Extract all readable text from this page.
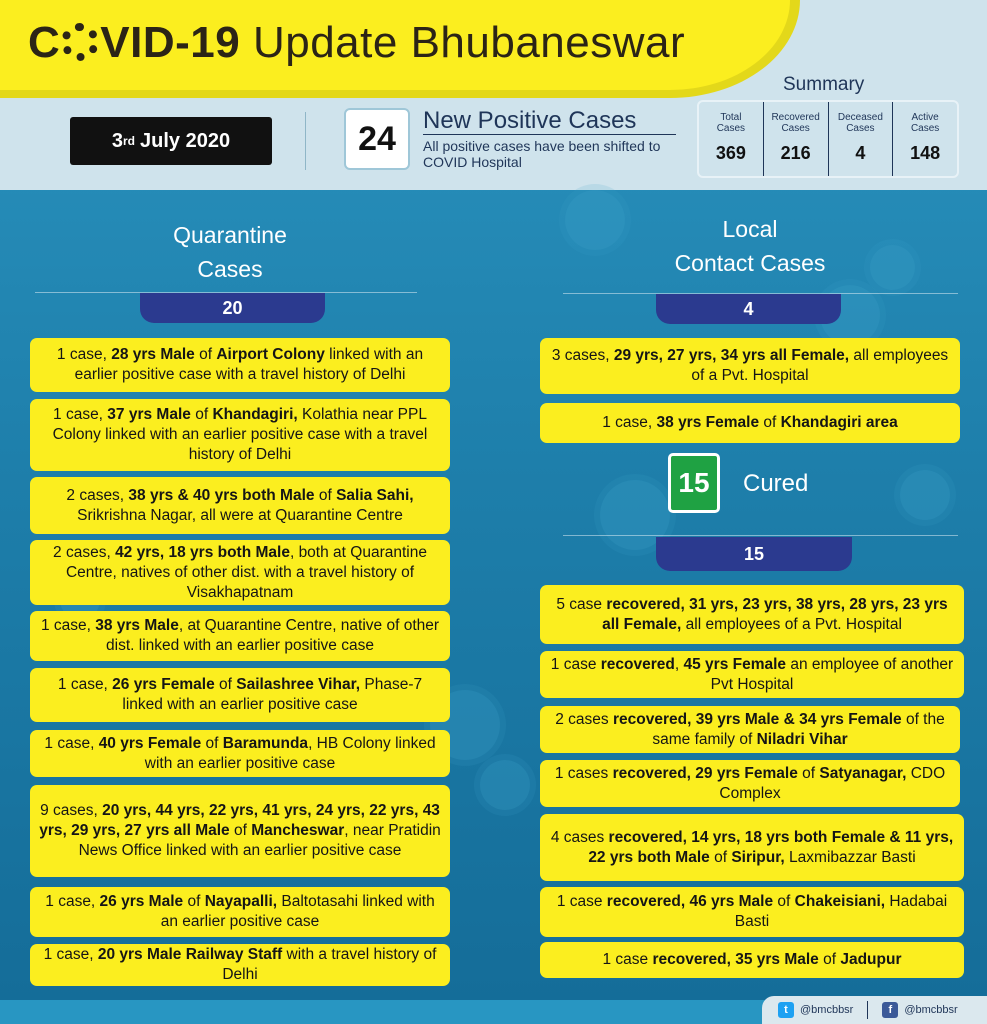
C VID-19 Update Bhubaneswar
3 rd July 2020	24	New Positive Cases
All positive cases have been shifted to COVID Hospital
Summary
Total
Cases
369
Recovered
Cases
216
Deceased
Cases
4
Active
Cases
148
Quarantine
Cases
20
1 case, 28 yrs Male of Airport Colony linked with an earlier positive case with a travel history of Delhi
1 case, 37 yrs Male of Khandagiri, Kolathia near PPL Colony linked with an earlier positive case with a travel history of Delhi
2 cases, 38 yrs & 40 yrs both Male of Salia Sahi, Srikrishna Nagar, all were at Quarantine Centre
2 cases, 42 yrs, 18 yrs both Male, both at Quarantine Centre, natives of other dist. with a travel history of Visakhapatnam
1 case, 38 yrs Male, at Quarantine Centre, native of other dist. linked with an earlier positive case
1 case, 26 yrs Female of Sailashree Vihar, Phase-7 linked with an earlier positive case
1 case, 40 yrs Female of Baramunda, HB Colony linked with an earlier positive case
9 cases, 20 yrs, 44 yrs, 22 yrs, 41 yrs, 24 yrs, 22 yrs, 43 yrs, 29 yrs, 27 yrs all Male of Mancheswar, near Pratidin News Office linked with an earlier positive case
1 case, 26 yrs Male of Nayapalli, Baltotasahi linked with an earlier positive case
1 case, 20 yrs Male Railway Staff with a travel history of Delhi
Local
Contact Cases
4
3 cases, 29 yrs, 27 yrs, 34 yrs all Female, all employees of a Pvt. Hospital
1 case, 38 yrs Female of Khandagiri area
15	Cured
15
5 case recovered, 31 yrs, 23 yrs, 38 yrs, 28 yrs, 23 yrs all Female, all employees of a Pvt. Hospital
1 case recovered, 45 yrs Female an employee of another Pvt Hospital
2 cases recovered, 39 yrs Male & 34 yrs Female of the same family of Niladri Vihar
1 cases recovered, 29 yrs Female of Satyanagar, CDO Complex
4 cases recovered, 14 yrs, 18 yrs both Female & 11 yrs, 22 yrs both Male of Siripur, Laxmibazzar Basti
1 case recovered, 46 yrs Male of Chakeisiani, Hadabai Basti
1 case recovered, 35 yrs Male of Jadupur
t	@bmcbbsr	f	@bmcbbsr
